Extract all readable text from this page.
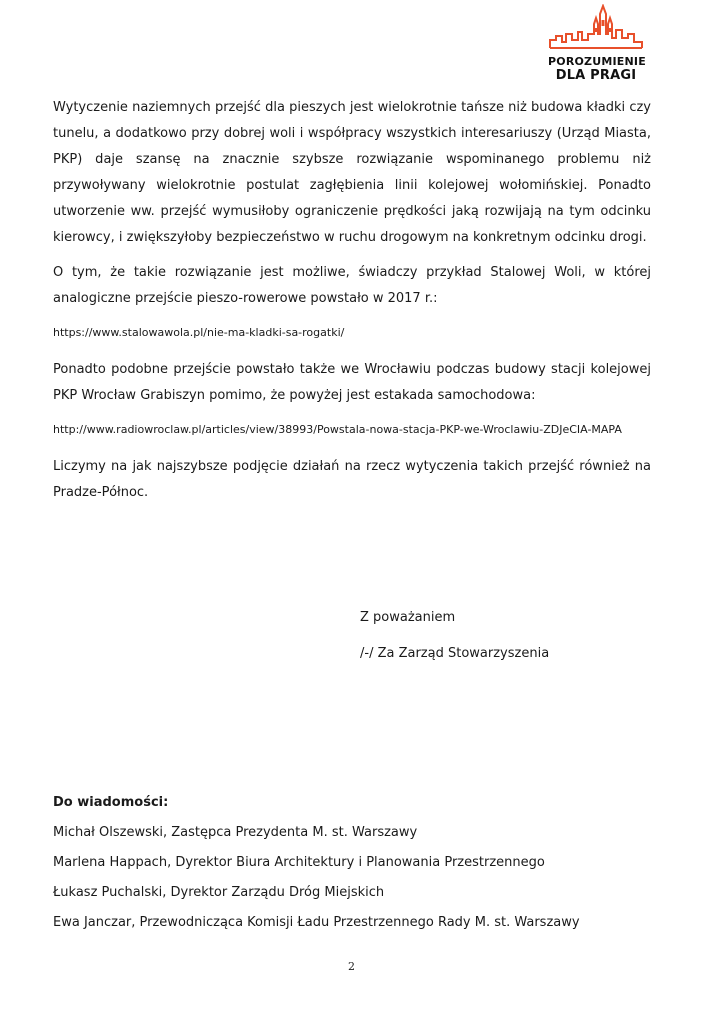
POROZUMIENIE
DLA PRAGI

Wytyczenie naziemnych przejść dla pieszych jest wielokrotnie tańsze niż budowa kładki czy tunelu, a dodatkowo przy dobrej woli i współpracy wszystkich interesariuszy (Urząd Miasta, PKP) daje szansę na znacznie szybsze rozwiązanie wspominanego problemu niż przywoływany wielokrotnie postulat zagłębienia linii kolejowej wołomińskiej. Ponadto utworzenie ww. przejść wymusiłoby ograniczenie prędkości jaką rozwijają na tym odcinku kierowcy, i zwiększyłoby bezpieczeństwo w ruchu drogowym na konkretnym odcinku drogi.

O tym, że takie rozwiązanie jest możliwe, świadczy przykład Stalowej Woli, w której analogiczne przejście pieszo-rowerowe powstało w 2017 r.:

https://www.stalowawola.pl/nie-ma-kladki-sa-rogatki/

Ponadto podobne przejście powstało także we Wrocławiu podczas budowy stacji kolejowej PKP Wrocław Grabiszyn pomimo, że powyżej jest estakada samochodowa:

http://www.radiowroclaw.pl/articles/view/38993/Powstala-nowa-stacja-PKP-we-Wroclawiu-ZDJeCIA-MAPA

Liczymy na jak najszybsze podjęcie działań na rzecz wytyczenia takich przejść również na Pradze-Północ.

Z poważaniem
/-/ Za Zarząd Stowarzyszenia
Do wiadomości:
Michał Olszewski, Zastępca Prezydenta M. st. Warszawy
Marlena Happach, Dyrektor Biura Architektury i Planowania Przestrzennego
Łukasz Puchalski, Dyrektor Zarządu Dróg Miejskich
Ewa Janczar, Przewodnicząca Komisji Ładu Przestrzennego Rady M. st. Warszawy
2
